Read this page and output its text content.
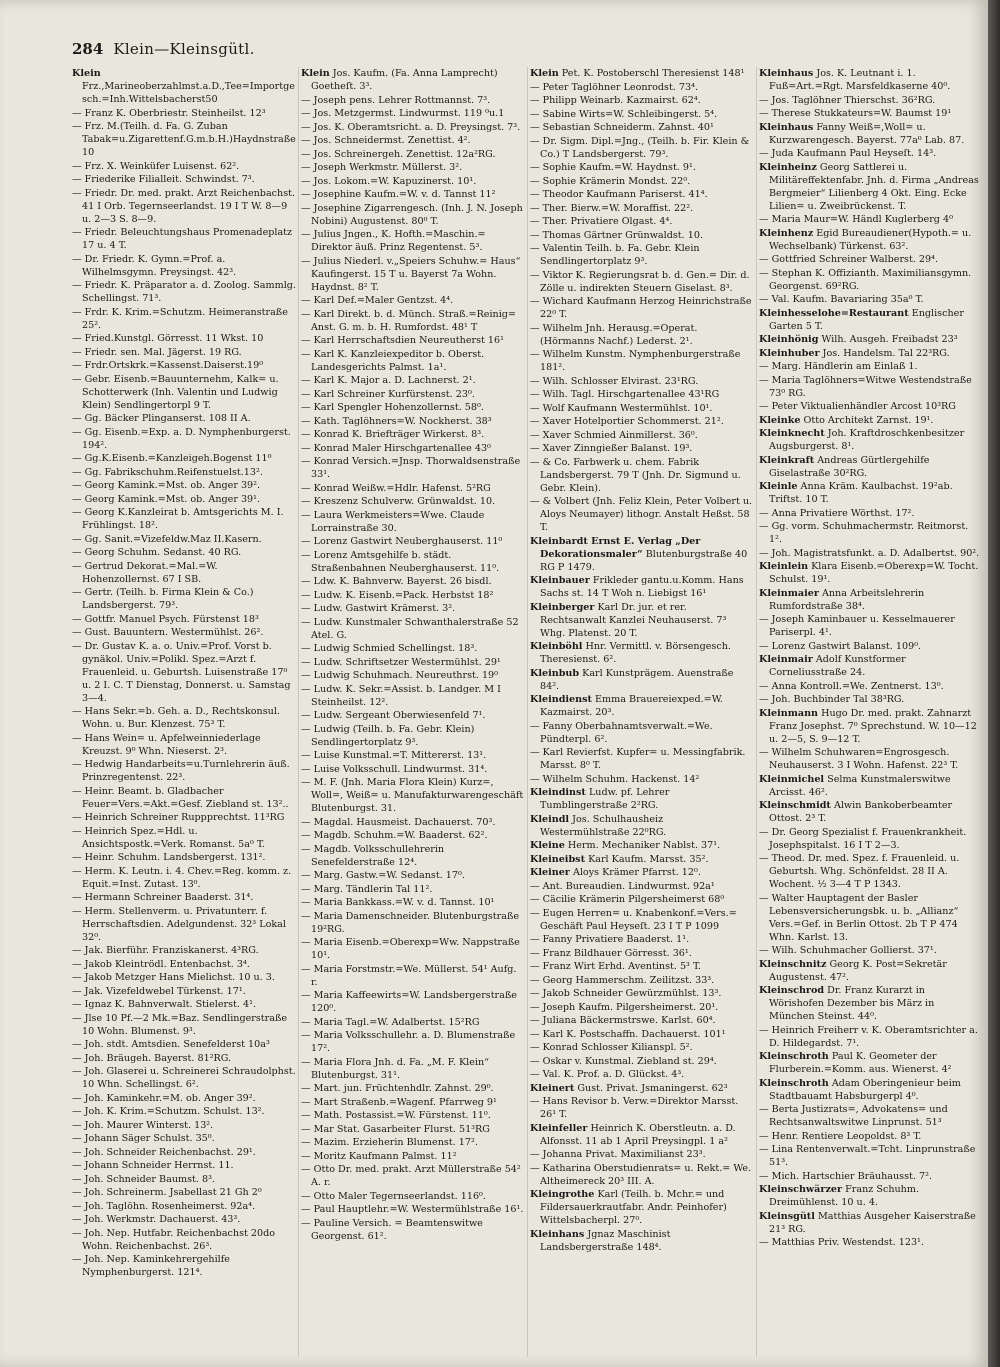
284 Klein—Kleinsgütl.
Klein Frz.,Marineoberzahlmst.a.D.,Tee=Importgesch.=Inh.Wittelsbacherst50
— Franz K. Oberbriestr. Steinheilst. 12³
— Frz. M.(Teilh. d. Fa. G. Zuban Tabak=u.Zigarettenf.G.m.b.H.)Haydnstraße 10
— Frz. X. Weinküfer Luisenst. 62².
— Friederike Filialleit. Schwindst. 7³.
— Friedr. Dr. med. prakt. Arzt Reichenbachst. 41 I Orb. Tegernseerlandst. 19 I T W. 8—9 u. 2—3 S. 8—9.
— Friedr. Beleuchtungshaus Promenadeplatz 17 u. 4 T.
— Dr. Friedr. K. Gymn.=Prof. a. Wilhelmsgymn. Preysingst. 42³.
— Friedr. K. Präparator a. d. Zoolog. Sammlg. Schellingst. 71³.
— Frdr. K. Krim.=Schutzm. Heimeranstraße 25².
— Fried.Kunstgl. Görresst. 11 Wkst. 10
— Friedr. sen. Mal. Jägerst. 19 RG.
— Frdr.Ortskrk.=Kassenst.Daiserst.19⁰
— Gebr. Eisenb.=Bauunternehm, Kalk= u. Schotterwerk (Inh. Valentin und Ludwig Klein) Sendlingertorpl 9 T.
— Gg. Bäcker Plinganserst. 108 II A.
— Gg. Eisenb.=Exp. a. D. Nymphenburgerst. 194².
— Gg.K.Eisenb.=Kanzleigeh.Bogenst 11⁰
— Gg. Fabrikschuhm.Reifenstuelst.13².
— Georg Kamink.=Mst. ob. Anger 39².
— Georg Kamink.=Mst. ob. Anger 39¹.
— Georg K.Kanzleirat b. Amtsgerichts M. I. Frühlingst. 18².
— Gg. Sanit.=Vizefeldw.Maz II.Kasern.
— Georg Schuhm. Sedanst. 40 RG.
— Gertrud Dekorat.=Mal.=W. Hohenzollernst. 67 I SB.
— Gertr. (Teilh. b. Firma Klein & Co.) Landsbergerst. 79³.
— Gottfr. Manuel Psych. Fürstenst 18³
— Gust. Bauuntern. Westermühlst. 26².
— Dr. Gustav K. a. o. Univ.=Prof. Vorst b. gynäkol. Univ.=Polikl. Spez.=Arzt f. Frauenleid. u. Geburtsh. Luisenstraße 17⁰ u. 2 I. C. T Dienstag, Donnerst. u. Samstag 3—4.
— Hans Sekr.=b. Geh. a. D., Rechtskonsul. Wohn. u. Bur. Klenzest. 75³ T.
— Hans Wein= u. Apfelweinniederlage Kreuzst. 9⁰ Whn. Nieserst. 2³.
— Hedwig Handarbeits=u.Turnlehrerin äuß. Prinzregentenst. 22³.
— Heinr. Beamt. b. Gladbacher Feuer=Vers.=Akt.=Gesf. Ziebland st. 13²..
— Heinrich Schreiner Ruppprechtst. 11³RG
— Heinrich Spez.=Hdl. u. Ansichtspostk.=Verk. Romanst. 5a⁰ T.
— Heinr. Schuhm. Landsbergerst. 131².
— Herm. K. Leutn. i. 4. Chev.=Reg. komm. z. Equit.=Inst. Zutast. 13⁰.
— Hermann Schreiner Baaderst. 31⁴.
— Herm. Stellenverm. u. Privatunterr. f. Herrschaftsdien. Adelgundenst. 32³ Lokal 32⁰.
— Jak. Bierführ. Franziskanerst. 4³RG.
— Jakob Kleintrödl. Entenbachst. 3⁴.
— Jakob Metzger Hans Mielichst. 10 u. 3.
— Jak. Vizefeldwebel Türkenst. 17¹.
— Ignaz K. Bahnverwalt. Stielerst. 4¹.
— Jlse 10 Pf.—2 Mk.=Baz. Sendlingerstraße 10 Wohn. Blumenst. 9³.
— Joh. stdt. Amtsdien. Senefelderst 10a³
— Joh. Bräugeh. Bayerst. 81²RG.
— Joh. Glaserei u. Schreinerei Schraudolphst. 10 Whn. Schellingst. 6².
— Joh. Kaminkehr.=M. ob. Anger 39².
— Joh. K. Krim.=Schutzm. Schulst. 13².
— Joh. Maurer Winterst. 13².
— Johann Säger Schulst. 35⁰.
— Joh. Schneider Reichenbachst. 29¹.
— Johann Schneider Herrnst. 11.
— Joh. Schneider Baumst. 8³.
— Joh. Schreinerm. Jsabellast 21 Gh 2⁰
— Joh. Taglöhn. Rosenheimerst. 92a⁴.
— Joh. Werkmstr. Dachauerst. 43³.
— Joh. Nep. Hutfabr. Reichenbachst 20do Wohn. Reichenbachst. 26³.
— Joh. Nep. Kaminkehrergehilfe Nymphenburgerst. 121⁴.
Klein Jos. Kaufm. (Fa. Anna Lamprecht) Goetheſt. 3³.
— Joseph pens. Lehrer Rottmannst. 7³.
— Jos. Metzgermst. Lindwurmst. 119 ⁰u.1
— Jos. K. Oberamtsricht. a. D. Preysingst. 7³.
— Jos. Schneidermst. Zenettist. 4².
— Jos. Schreinergeh. Zenettist. 12a²RG.
— Joseph Werkmstr. Müllerst. 3².
— Jos. Lokom.=W. Kapuzinerst. 10¹.
— Josephine Kaufm.=W. v. d. Tannst 11²
— Josephine Zigarrengesch. (Inh. J. N. Joseph Nobini) Augustenst. 80⁰ T.
— Julius Jngen., K. Hofth.=Maschin.= Direktor äuß. Prinz Regentenst. 5³.
— Julius Niederl. v.„Speiers Schuhw.= Haus“ Kaufingerst. 15 T u. Bayerst 7a Wohn. Haydnst. 8² T.
— Karl Def.=Maler Gentzst. 4⁴.
— Karl Direkt. b. d. Münch. Straß.=Reinig= Anst. G. m. b. H. Rumfordst. 48¹ T
— Karl Herrschaftsdien Neureutherst 16¹
— Karl K. Kanzleiexpeditor b. Oberst. Landesgerichts Palmst. 1a¹.
— Karl K. Major a. D. Lachnerst. 2¹.
— Karl Schreiner Kurfürstenst. 23⁰.
— Karl Spengler Hohenzollernst. 58⁰.
— Kath. Taglöhners=W. Nockherst. 38³
— Konrad K. Briefträger Wirkerst. 8³.
— Konrad Maler Hirschgartenallee 43⁰
— Konrad Versich.=Jnsp. Thorwaldsenstraße 33¹.
— Konrad Weißw.=Hdlr. Hafenst. 5²RG
— Kreszenz Schulverw. Grünwaldst. 10.
— Laura Werkmeisters=Wwe. Claude Lorrainstraße 30.
— Lorenz Gastwirt Neuberghauserst. 11⁰
— Lorenz Amtsgehilfe b. städt. Straßenbahnen Neuberghauserst. 11⁰.
— Ldw. K. Bahnverw. Bayerst. 26 bisdl.
— Ludw. K. Eisenb.=Pack. Herbstst 18²
— Ludw. Gastwirt Krämerst. 3².
— Ludw. Kunstmaler Schwanthalerstraße 52 Atel. G.
— Ludwig Schmied Schellingst. 18³.
— Ludw. Schriftsetzer Westermühlst. 29¹
— Ludwig Schuhmach. Neureuthrst. 19⁰
— Ludw. K. Sekr.=Assist. b. Landger. M I Steinheilst. 12².
— Ludw. Sergeant Oberwiesenfeld 7¹.
— Ludwig (Teilh. b. Fa. Gebr. Klein) Sendlingertorplatz 9³.
— Luise Kunstmal.=T. Mittererst. 13¹.
— Luise Volksschull. Lindwurmst. 31⁴.
— M. F. (Jnh. Maria Flora Klein) Kurz=, Woll=, Weiß= u. Manufakturwarengeschäft Blutenburgst. 31.
— Magdal. Hausmeist. Dachauerst. 70³.
— Magdb. Schuhm.=W. Baaderst. 62².
— Magdb. Volksschullehrerin Senefelderstraße 12⁴.
— Marg. Gastw.=W. Sedanst. 17⁰.
— Marg. Tändlerin Tal 11².
— Maria Bankkass.=W. v. d. Tannst. 10¹
— Maria Damenschneider. Blutenburgstraße 19²RG.
— Maria Eisenb.=Oberexp=Ww. Nappstraße 10¹.
— Maria Forstmstr.=We. Müllerst. 54¹ Aufg. r.
— Maria Kaffeewirts=W. Landsbergerstraße 120⁰.
— Maria Tagl.=W. Adalbertst. 15²RG
— Maria Volksschullehr. a. D. Blumenstraße 17².
— Maria Flora Jnh. d. Fa. „M. F. Klein“ Blutenburgst. 31¹.
— Mart. jun. Früchtenhdlr. Zahnst. 29⁰.
— Mart Straßenb.=Wagenf. Pfarrweg 9¹
— Math. Postassist.=W. Fürstenst. 11⁰.
— Mar Stat. Gasarbeiter Flurst. 51³RG
— Mazim. Erzieherin Blumenst. 17².
— Moritz Kaufmann Palmst. 11²
— Otto Dr. med. prakt. Arzt Müllerstraße 54² A. r.
— Otto Maler Tegernseerlandst. 116⁰.
— Paul Hauptlehr.=W. Westermühlstraße 16¹.
— Pauline Versich. = Beamtenswitwe Georgenst. 61².
Klein Pet. K. Postoberschl Theresienst 148¹
— Peter Taglöhner Leonrodst. 73⁴.
— Philipp Weinarb. Kazmairst. 62⁴.
— Sabine Wirts=W. Schleibingerst. 5⁴.
— Sebastian Schneiderm. Zahnst. 40¹
— Dr. Sigm. Dipl.=Jng., (Teilh. b. Fir. Klein & Co.) T Landsbergerst. 79³.
— Sophie Kaufm.=W. Haydnst. 9¹.
— Sophie Krämerin Mondst. 22⁰.
— Theodor Kaufmann Pariserst. 41⁴.
— Ther. Bierw.=W. Moraffist. 22².
— Ther. Privatiere Olgast. 4⁴.
— Thomas Gärtner Grünwaldst. 10.
— Valentin Teilh. b. Fa. Gebr. Klein Sendlingertorplatz 9³.
— Viktor K. Regierungsrat b. d. Gen.= Dir. d. Zölle u. indirekten Steuern Giselast. 8³.
— Wichard Kaufmann Herzog Heinrichstraße 22⁰ T.
— Wilhelm Jnh. Herausg.=Operat. (Hörmanns Nachf.) Lederst. 2¹.
— Wilhelm Kunstm. Nymphenburgerstraße 181².
— Wilh. Schlosser Elvirast. 23¹RG.
— Wilh. Tagl. Hirschgartenallee 43¹RG
— Wolf Kaufmann Westermühlst. 10¹.
— Xaver Hotelportier Schommerst. 21².
— Xaver Schmied Ainmillerst. 36⁰.
— Xaver Zinngießer Balanst. 19³.
— & Co. Farbwerk u. chem. Fabrik Landsbergerst. 79 T (Jnh. Dr. Sigmund u. Gebr. Klein).
— & Volbert (Jnh. Feliz Klein, Peter Volbert u. Aloys Neumayer) lithogr. Anstalt Heßst. 58 T.
Kleinbardt Ernst E. Verlag „Der Dekorationsmaler“ Blutenburgstraße 40 RG P 1479.
Kleinbauer Frikleder gantu.u.Komm. Hans Sachs st. 14 T Woh n. Liebigst 16¹
Kleinberger Karl Dr. jur. et rer. Rechtsanwalt Kanzlei Neuhauserst. 7³ Whg. Platenst. 20 T.
Kleinböhl Hnr. Vermittl. v. Börsengesch. Theresienst. 6².
Kleinbub Karl Kunstprägem. Auenstraße 84².
Kleindienst Emma Brauereiexped.=W. Kazmairst. 20³.
— Fanny Oberbahnamtsverwalt.=We. Pündterpl. 6².
— Karl Revierfst. Kupfer= u. Messingfabrik. Marsst. 8⁰ T.
— Wilhelm Schuhm. Hackenst. 14²
Kleindinst Ludw. pf. Lehrer Tumblingerstraße 2²RG.
Kleindl Jos. Schulhausheiz Westermühlstraße 22⁰RG.
Kleine Herm. Mechaniker Nablst. 37¹.
Kleineibst Karl Kaufm. Marsst. 35².
Kleiner Aloys Krämer Pfarrst. 12⁰.
— Ant. Bureaudien. Lindwurmst. 92a¹
— Cäcilie Krämerin Pilgersheimerst 68⁰
— Eugen Herren= u. Knabenkonf.=Vers.= Geschäft Paul Heyseſt. 23 I T P 1099
— Fanny Privatiere Baaderst. 1¹.
— Franz Bildhauer Görresst. 36¹.
— Franz Wirt Erhd. Aventinst. 5³ T.
— Georg Hammerschm. Zeilitzst. 33³.
— Jakob Schneider Gewürzmühlst. 13³.
— Joseph Kaufm. Pilgersheimerst. 20¹.
— Juliana Bäckermstrswe. Karlst. 60⁴.
— Karl K. Postschaffn. Dachauerst. 101¹
— Konrad Schlosser Kilianspl. 5².
— Oskar v. Kunstmal. Ziebland st. 29⁴.
— Val. K. Prof. a. D. Glückst. 4³.
Kleinert Gust. Privat. Jsmaningerst. 62³
— Hans Revisor b. Verw.=Direktor Marsst. 26¹ T.
Kleinfeller Heinrich K. Oberstleutn. a. D. Alfonsst. 11 ab 1 April Preysingpl. 1 a²
— Johanna Privat. Maximilianst 23³.
— Katharina Oberstudienrats= u. Rekt.= We. Altheimereck 20³ III. A.
Kleingrothe Karl (Teilh. b. Mchr.= und Fildersauerkrautfabr. Andr. Peinhofer) Wittelsbacherpl. 27⁰.
Kleinhans Jgnaz Maschinist Landsbergerstraße 148⁴.
Kleinhaus Jos. K. Leutnant i. 1. Fuß=Art.=Rgt. Marsfeldkaserne 40⁰.
— Jos. Taglöhner Thierschst. 36²RG.
— Therese Stukkateurs=W. Baumst 19¹
Kleinhaus Fanny Weiß=,Woll= u. Kurzwarengesch. Bayerst. 77a⁰ Lab. 87.
— Juda Kaufmann Paul Heyseſt. 14³.
Kleinheinz Georg Sattlerei u. Militäreffektenfabr. Jnh. d. Firma „Andreas Bergmeier“ Lilienberg 4 Okt. Eing. Ecke Lilien= u. Zweibrückenst. T.
— Maria Maur=W. Händl Kuglerberg 4⁰
Kleinhenz Egid Bureaudiener(Hypoth.= u. Wechselbank) Türkenst. 63².
— Gottfried Schreiner Walberst. 29⁴.
— Stephan K. Offizianth. Maximiliansgymn. Georgenst. 69²RG.
— Val. Kaufm. Bavariaring 35a⁰ T.
Kleinhesselohe=Restaurant Englischer Garten 5 T.
Kleinhönig Wilh. Ausgeh. Freibadst 23³
Kleinhuber Jos. Handelsm. Tal 22³RG.
— Marg. Händlerin am Einlaß 1.
— Maria Taglöhners=Witwe Westendstraße 73⁰ RG.
— Peter Viktualienhändler Arcost 10³RG
Kleinke Otto Architekt Zarnst. 19¹.
Kleinknecht Joh. Kraftdroschkenbesitzer Augsburgerst. 8¹.
Kleinkraft Andreas Gürtlergehilfe Giselastraße 30²RG.
Kleinle Anna Kräm. Kaulbachst. 19²ab. Triftst. 10 T.
— Anna Privatiere Wörthst. 17².
— Gg. vorm. Schuhmachermstr. Reitmorst. 1².
— Joh. Magistratsfunkt. a. D. Adalbertst. 90².
Kleinlein Klara Eisenb.=Oberexp=W. Tocht. Schulst. 19¹.
Kleinmaier Anna Arbeitslehrerin Rumfordstraße 38⁴.
— Joseph Kaminbauer u. Kesselmauerer Pariserpl. 4¹.
— Lorenz Gastwirt Balanst. 109⁰.
Kleinmair Adolf Kunstformer Corneliusstraße 24.
— Anna Kontroll.=We. Zentnerst. 13⁰.
— Joh. Buchbinder Tal 38³RG.
Kleinmann Hugo Dr. med. prakt. Zahnarzt Franz Josephst. 7⁰ Sprechstund. W. 10—12 u. 2—5, S. 9—12 T.
— Wilhelm Schuhwaren=Engrosgesch. Neuhauserst. 3 I Wohn. Hafenst. 22³ T.
Kleinmichel Selma Kunstmalerswitwe Arcisst. 46².
Kleinschmidt Alwin Bankoberbeamter Ottost. 2³ T.
— Dr. Georg Spezialist f. Frauenkrankheit. Josephspitalst. 16 I T 2—3.
— Theod. Dr. med. Spez. f. Frauenleid. u. Geburtsh. Whg. Schönfeldst. 28 II A. Wochent. ½ 3—4 T P 1343.
— Walter Hauptagent der Basler Lebensversicherungsbk. u. b. „Allianz“ Vers.=Gef. in Berlin Ottost. 2b T P 474 Whn. Karlst. 13.
— Wilh. Schuhmacher Gollierst. 37¹.
Kleinschnitz Georg K. Post=Sekretär Augustenst. 47².
Kleinschrod Dr. Franz Kurarzt in Wörishofen Dezember bis März in München Steinst. 44⁰.
— Heinrich Freiherr v. K. Oberamtsrichter a. D. Hildegardst. 7¹.
Kleinschroth Paul K. Geometer der Flurberein.=Komm. aus. Wienerst. 4²
Kleinschroth Adam Oberingenieur beim Stadtbauamt Habsburgerpl 4⁰.
— Berta Justizrats=, Advokatens= und Rechtsanwaltswitwe Linprunst. 51³
— Henr. Rentiere Leopoldst. 8³ T.
— Lina Rentenverwalt.=Tcht. Linprunstraße 51³.
— Mich. Hartschier Bräuhausst. 7².
Kleinschwärzer Franz Schuhm. Dreimühlenst. 10 u. 4.
Kleinsgütl Matthias Ausgeher Kaiserstraße 21³ RG.
— Matthias Priv. Westendst. 123¹.
